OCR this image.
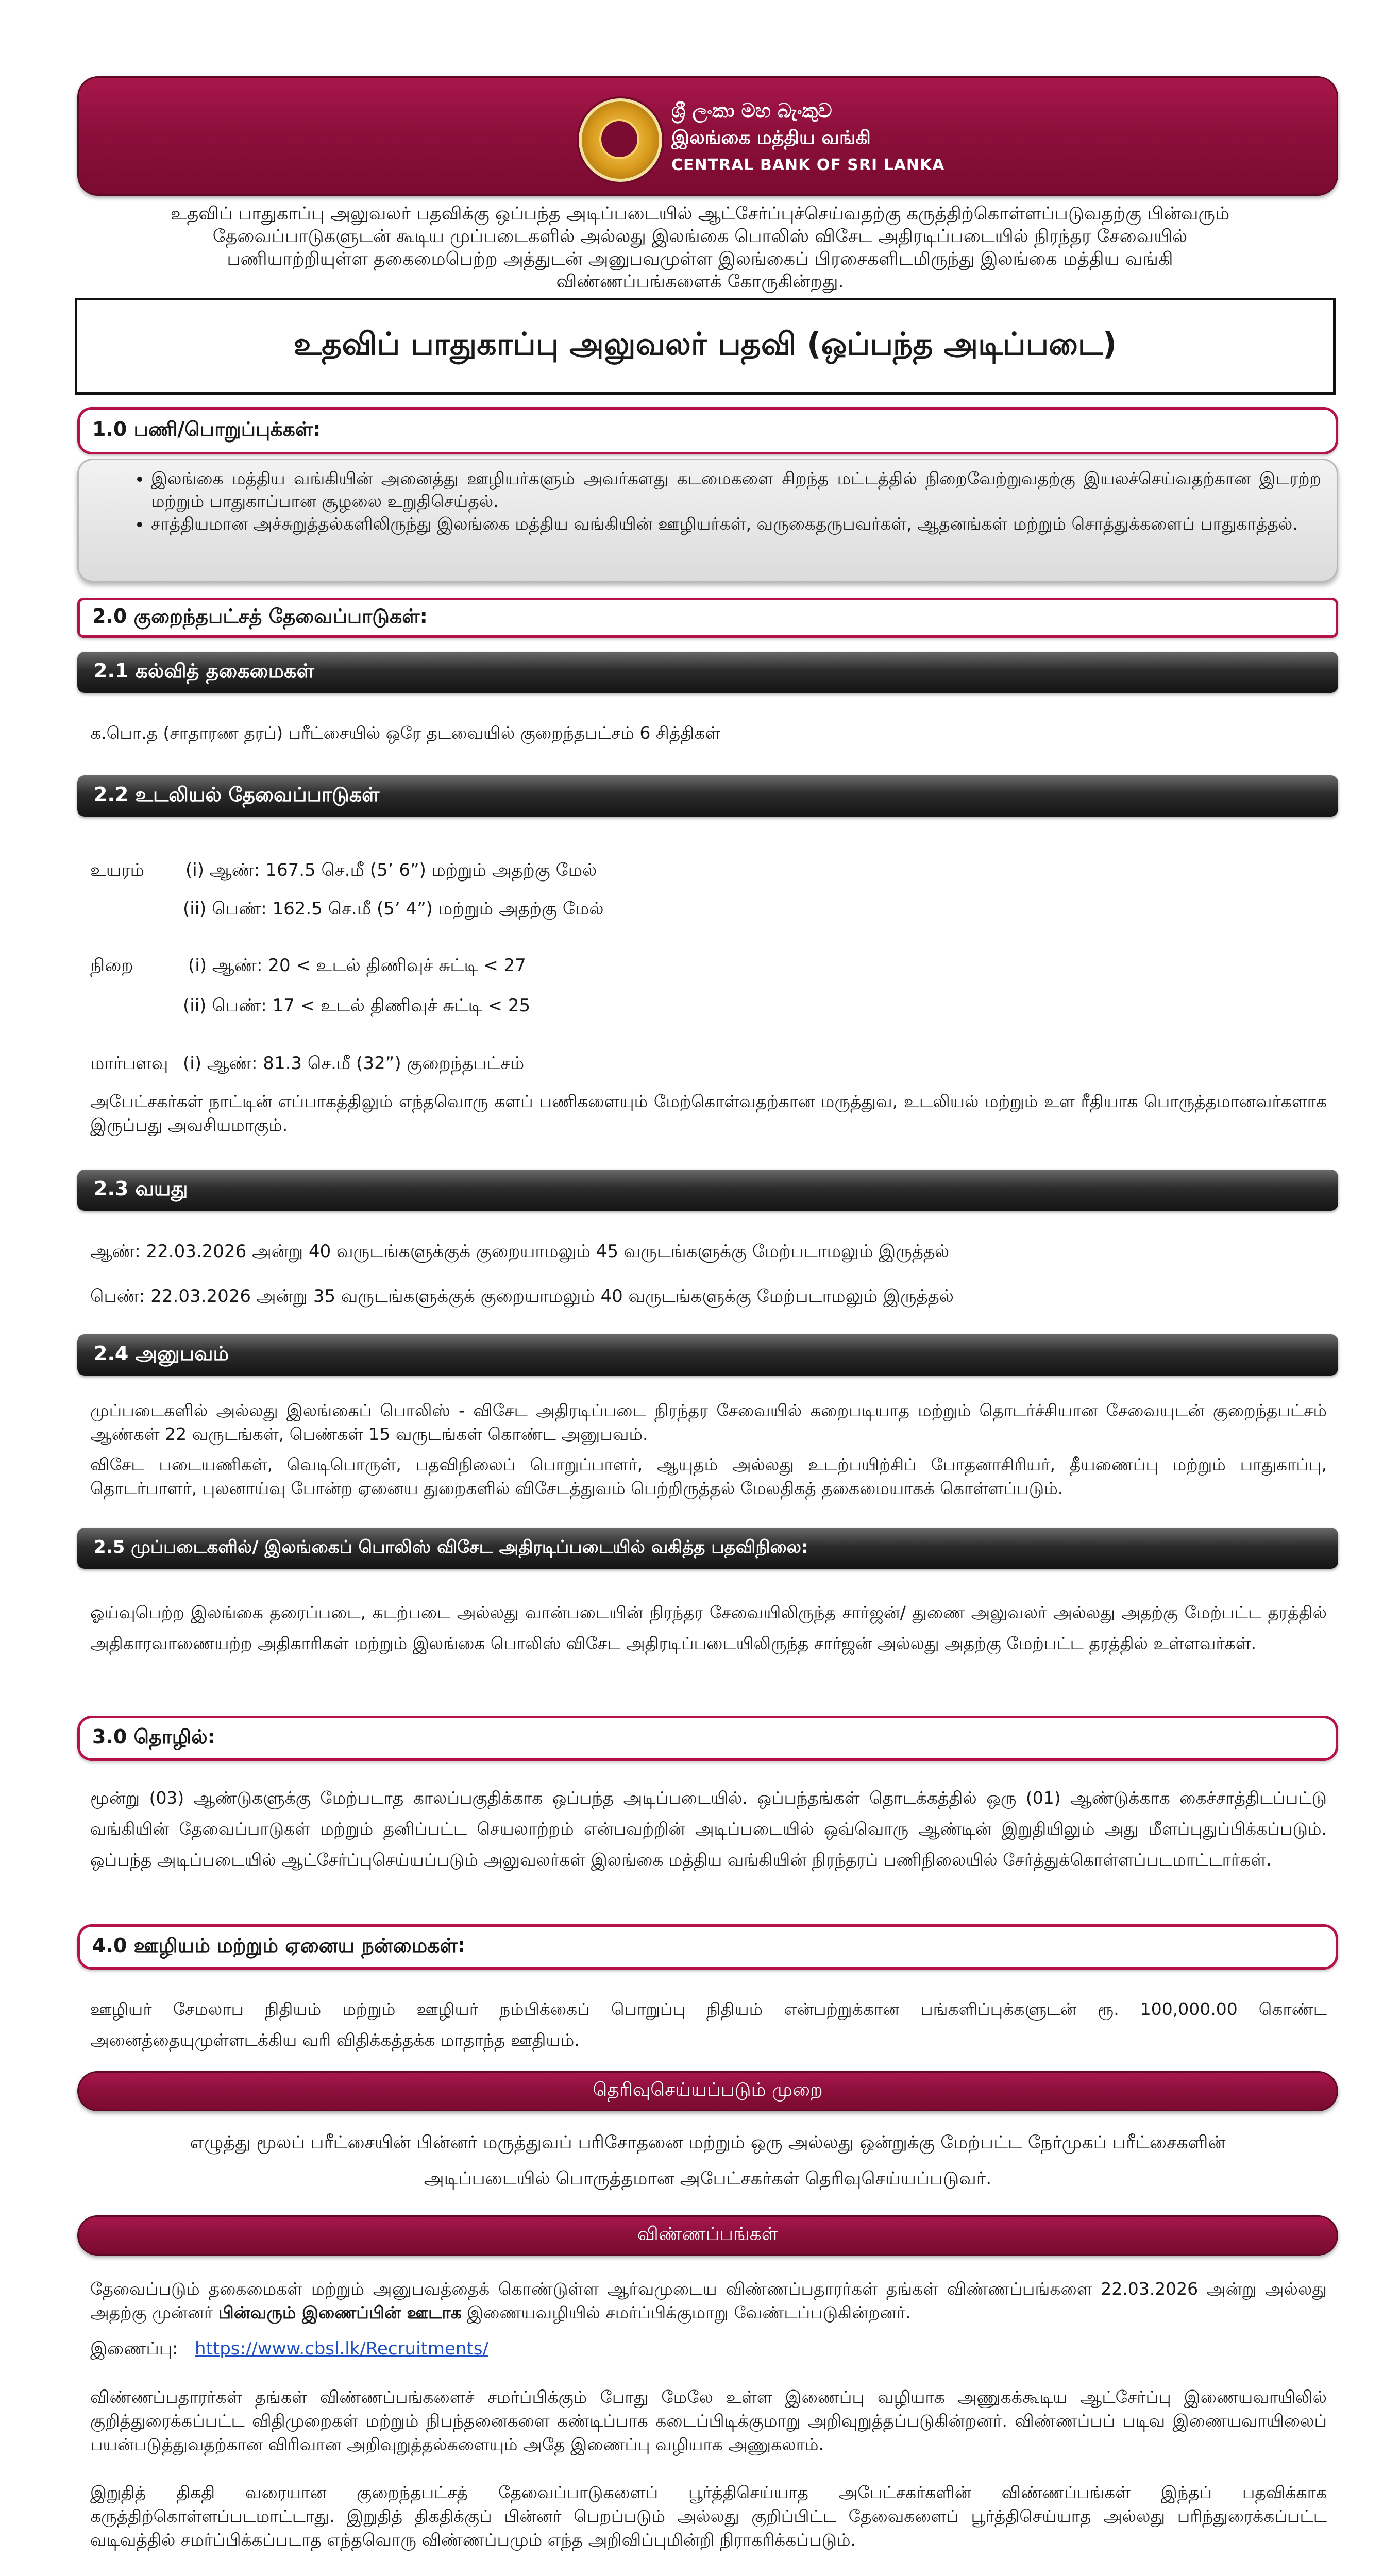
ශ්‍රී ලංකා මහ බැංකුව
இலங்கை மத்திய வங்கி
CENTRAL BANK OF SRI LANKA
உதவிப் பாதுகாப்பு அலுவலர் பதவிக்கு ஒப்பந்த அடிப்படையில் ஆட்சேர்ப்புச்செய்வதற்கு கருத்திற்கொள்ளப்படுவதற்கு பின்வரும் தேவைப்பாடுகளுடன் கூடிய முப்படைகளில் அல்லது இலங்கை பொலிஸ் விசேட அதிரடிப்படையில் நிரந்தர சேவையில் பணியாற்றியுள்ள தகைமைபெற்ற அத்துடன் அனுபவமுள்ள இலங்கைப் பிரசைகளிடமிருந்து இலங்கை மத்திய வங்கி விண்ணப்பங்களைக் கோருகின்றது.
உதவிப் பாதுகாப்பு அலுவலர் பதவி (ஒப்பந்த அடிப்படை)
1.0 பணி/பொறுப்புக்கள்:
• இலங்கை மத்திய வங்கியின் அனைத்து ஊழியர்களும் அவர்களது கடமைகளை சிறந்த மட்டத்தில் நிறைவேற்றுவதற்கு இயலச்செய்வதற்கான இடரற்ற மற்றும் பாதுகாப்பான சூழலை உறுதிசெய்தல்.
• சாத்தியமான அச்சுறுத்தல்களிலிருந்து இலங்கை மத்திய வங்கியின் ஊழியர்கள், வருகைதருபவர்கள், ஆதனங்கள் மற்றும் சொத்துக்களைப் பாதுகாத்தல்.
2.0 குறைந்தபட்சத் தேவைப்பாடுகள்:
2.1 கல்வித் தகைமைகள்
க.பொ.த (சாதாரண தரப்) பரீட்சையில் ஒரே தடவையில் குறைந்தபட்சம் 6 சித்திகள்
2.2 உடலியல் தேவைப்பாடுகள்
உயரம் (i) ஆண்: 167.5 செ.மீ (5’ 6”) மற்றும் அதற்கு மேல்
(ii) பெண்: 162.5 செ.மீ (5’ 4”) மற்றும் அதற்கு மேல்
நிறை	(i) ஆண்: 20 < உடல் திணிவுச் சுட்டி < 27
(ii) பெண்: 17 < உடல் திணிவுச் சுட்டி < 25
மார்பளவு (i) ஆண்: 81.3 செ.மீ (32”) குறைந்தபட்சம்
அபேட்சகர்கள் நாட்டின் எப்பாகத்திலும் எந்தவொரு களப் பணிகளையும் மேற்கொள்வதற்கான மருத்துவ, உடலியல் மற்றும் உள ரீதியாக பொருத்தமானவர்களாக இருப்பது அவசியமாகும்.
2.3 வயது
ஆண்: 22.03.2026 அன்று 40 வருடங்களுக்குக் குறையாமலும் 45 வருடங்களுக்கு மேற்படாமலும் இருத்தல்
பெண்: 22.03.2026 அன்று 35 வருடங்களுக்குக் குறையாமலும் 40 வருடங்களுக்கு மேற்படாமலும் இருத்தல்
2.4 அனுபவம்
முப்படைகளில் அல்லது இலங்கைப் பொலிஸ் - விசேட அதிரடிப்படை நிரந்தர சேவையில் கறைபடியாத மற்றும் தொடர்ச்சியான சேவையுடன் குறைந்தபட்சம் ஆண்கள் 22 வருடங்கள், பெண்கள் 15 வருடங்கள் கொண்ட அனுபவம்.
விசேட படையணிகள், வெடிபொருள், பதவிநிலைப் பொறுப்பாளர், ஆயுதம் அல்லது உடற்பயிற்சிப் போதனாசிரியர், தீயணைப்பு மற்றும் பாதுகாப்பு, தொடர்பாளர், புலனாய்வு போன்ற ஏனைய துறைகளில் விசேடத்துவம் பெற்றிருத்தல் மேலதிகத் தகைமையாகக் கொள்ளப்படும்.
2.5 முப்படைகளில்/ இலங்கைப் பொலிஸ் விசேட அதிரடிப்படையில் வகித்த பதவிநிலை:
ஓய்வுபெற்ற இலங்கை தரைப்படை, கடற்படை அல்லது வான்படையின் நிரந்தர சேவையிலிருந்த சார்ஜன்/ துணை அலுவலர் அல்லது அதற்கு மேற்பட்ட தரத்தில் அதிகாரவாணையற்ற அதிகாரிகள் மற்றும் இலங்கை பொலிஸ் விசேட அதிரடிப்படையிலிருந்த சார்ஜன் அல்லது அதற்கு மேற்பட்ட தரத்தில் உள்ளவர்கள்.
3.0 தொழில்:
மூன்று (03) ஆண்டுகளுக்கு மேற்படாத காலப்பகுதிக்காக ஒப்பந்த அடிப்படையில். ஒப்பந்தங்கள் தொடக்கத்தில் ஒரு (01) ஆண்டுக்காக கைச்சாத்திடப்பட்டு வங்கியின் தேவைப்பாடுகள் மற்றும் தனிப்பட்ட செயலாற்றம் என்பவற்றின் அடிப்படையில் ஒவ்வொரு ஆண்டின் இறுதியிலும் அது மீளப்புதுப்பிக்கப்படும். ஒப்பந்த அடிப்படையில் ஆட்சேர்ப்புசெய்யப்படும் அலுவலர்கள் இலங்கை மத்திய வங்கியின் நிரந்தரப் பணிநிலையில் சேர்த்துக்கொள்ளப்படமாட்டார்கள்.
4.0 ஊழியம் மற்றும் ஏனைய நன்மைகள்:
ஊழியர் சேமலாப நிதியம் மற்றும் ஊழியர் நம்பிக்கைப் பொறுப்பு நிதியம் என்பற்றுக்கான பங்களிப்புக்களுடன் ரூ. 100,000.00 கொண்ட அனைத்தையுமுள்ளடக்கிய வரி விதிக்கத்தக்க மாதாந்த ஊதியம்.
தெரிவுசெய்யப்படும் முறை
எழுத்து மூலப் பரீட்சையின் பின்னர் மருத்துவப் பரிசோதனை மற்றும் ஒரு அல்லது ஒன்றுக்கு மேற்பட்ட நேர்முகப் பரீட்சைகளின்
அடிப்படையில் பொருத்தமான அபேட்சகர்கள் தெரிவுசெய்யப்படுவர்.
விண்ணப்பங்கள்
தேவைப்படும் தகைமைகள் மற்றும் அனுபவத்தைக் கொண்டுள்ள ஆர்வமுடைய விண்ணப்பதாரர்கள் தங்கள் விண்ணப்பங்களை 22.03.2026 அன்று அல்லது அதற்கு முன்னர் பின்வரும் இணைப்பின் ஊடாக இணையவழியில் சமர்ப்பிக்குமாறு வேண்டப்படுகின்றனர்.
இணைப்பு: https://www.cbsl.lk/Recruitments/
விண்ணப்பதாரர்கள் தங்கள் விண்ணப்பங்களைச் சமர்ப்பிக்கும் போது மேலே உள்ள இணைப்பு வழியாக அணுகக்கூடிய ஆட்சேர்ப்பு இணையவாயிலில் குறித்துரைக்கப்பட்ட விதிமுறைகள் மற்றும் நிபந்தனைகளை கண்டிப்பாக கடைப்பிடிக்குமாறு அறிவுறுத்தப்படுகின்றனர். விண்ணப்பப் படிவ இணையவாயிலைப் பயன்படுத்துவதற்கான விரிவான அறிவுறுத்தல்களையும் அதே இணைப்பு வழியாக அணுகலாம்.
இறுதித் திகதி வரையான குறைந்தபட்சத் தேவைப்பாடுகளைப் பூர்த்திசெய்யாத அபேட்சகர்களின் விண்ணப்பங்கள் இந்தப் பதவிக்காக கருத்திற்கொள்ளப்படமாட்டாது. இறுதித் திகதிக்குப் பின்னர் பெறப்படும் அல்லது குறிப்பிட்ட தேவைகளைப் பூர்த்திசெய்யாத அல்லது பரிந்துரைக்கப்பட்ட வடிவத்தில் சமர்ப்பிக்கப்படாத எந்தவொரு விண்ணப்பமும் எந்த அறிவிப்புமின்றி நிராகரிக்கப்படும்.
